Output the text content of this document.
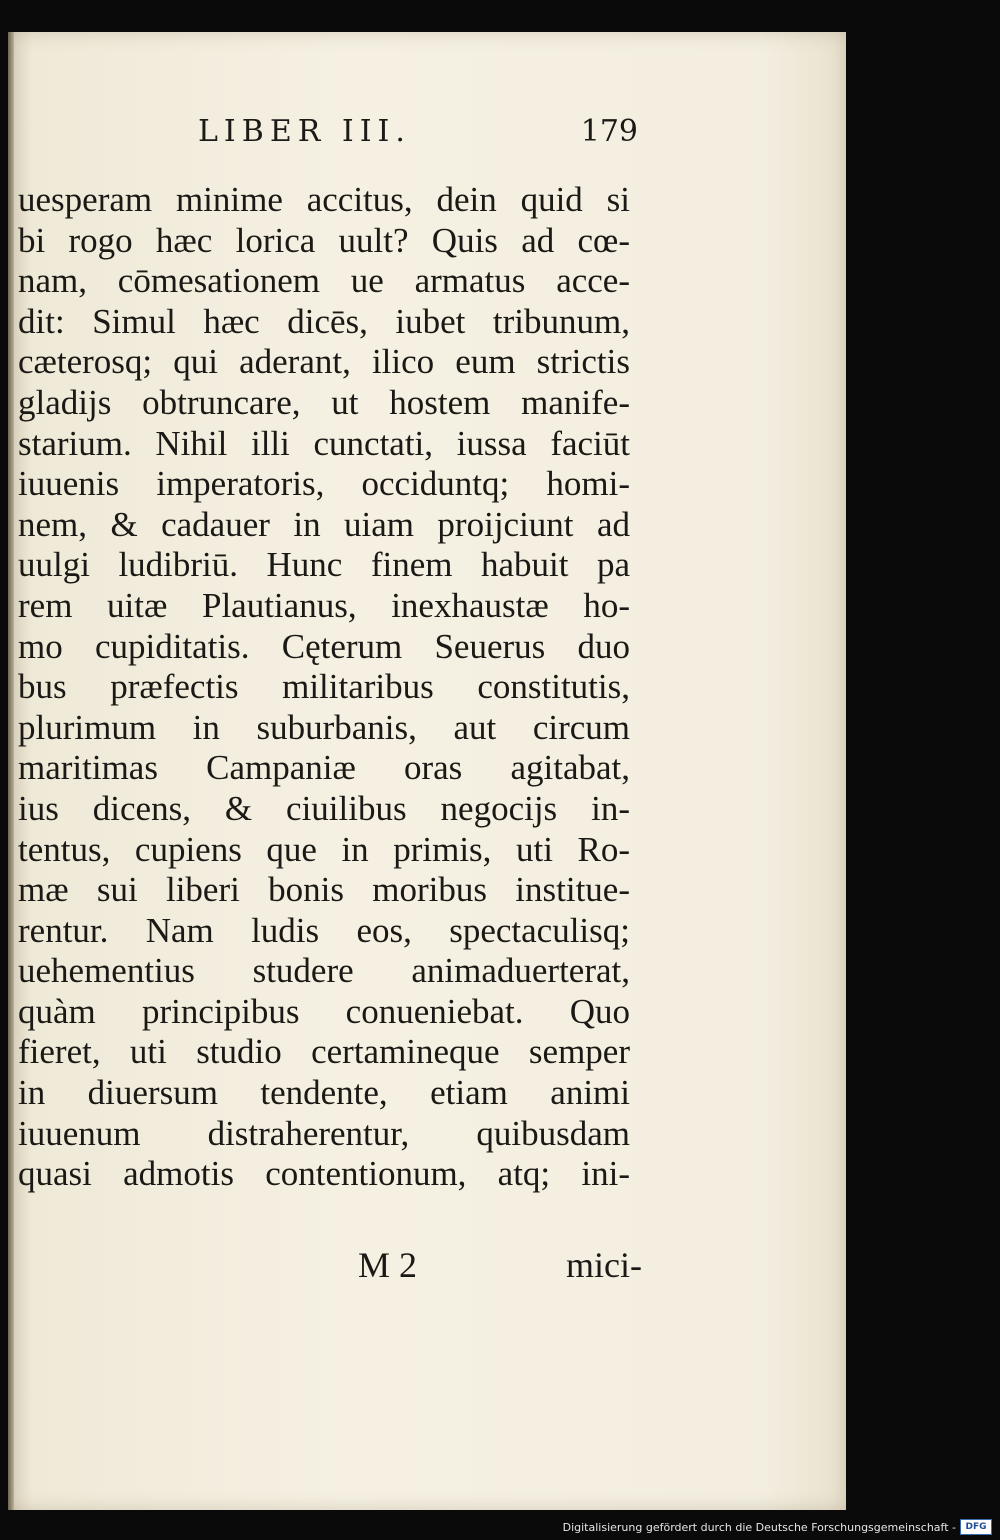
LIBER III.	179
uesperam minime accitus, dein quid si
bi rogo hæc lorica uult? Quis ad cœ-
nam, cōmesationem ue armatus acce-
dit: Simul hæc dicēs, iubet tribunum,
cæterosq; qui aderant, ilico eum strictis
gladijs obtruncare, ut hostem manife-
starium. Nihil illi cunctati, iussa faciūt
iuuenis imperatoris, occiduntq; homi-
nem, & cadauer in uiam proijciunt ad
uulgi ludibriū. Hunc finem habuit pa
rem uitæ Plautianus, inexhaustæ ho-
mo cupiditatis. Cęterum Seuerus duo
bus præfectis militaribus constitutis,
plurimum in suburbanis, aut circum
maritimas Campaniæ oras agitabat,
ius dicens, & ciuilibus negocijs in-
tentus, cupiens que in primis, uti Ro-
mæ sui liberi bonis moribus institue-
rentur. Nam ludis eos, spectaculisq;
uehementius studere animaduerterat,
quàm principibus conueniebat. Quo
fieret, uti studio certamineque semper
in diuersum tendente, etiam animi
iuuenum distraherentur, quibusdam
quasi admotis contentionum, atq; ini-
M 2	mici-
Digitalisierung gefördert durch die Deutsche Forschungsgemeinschaft -	DFG
